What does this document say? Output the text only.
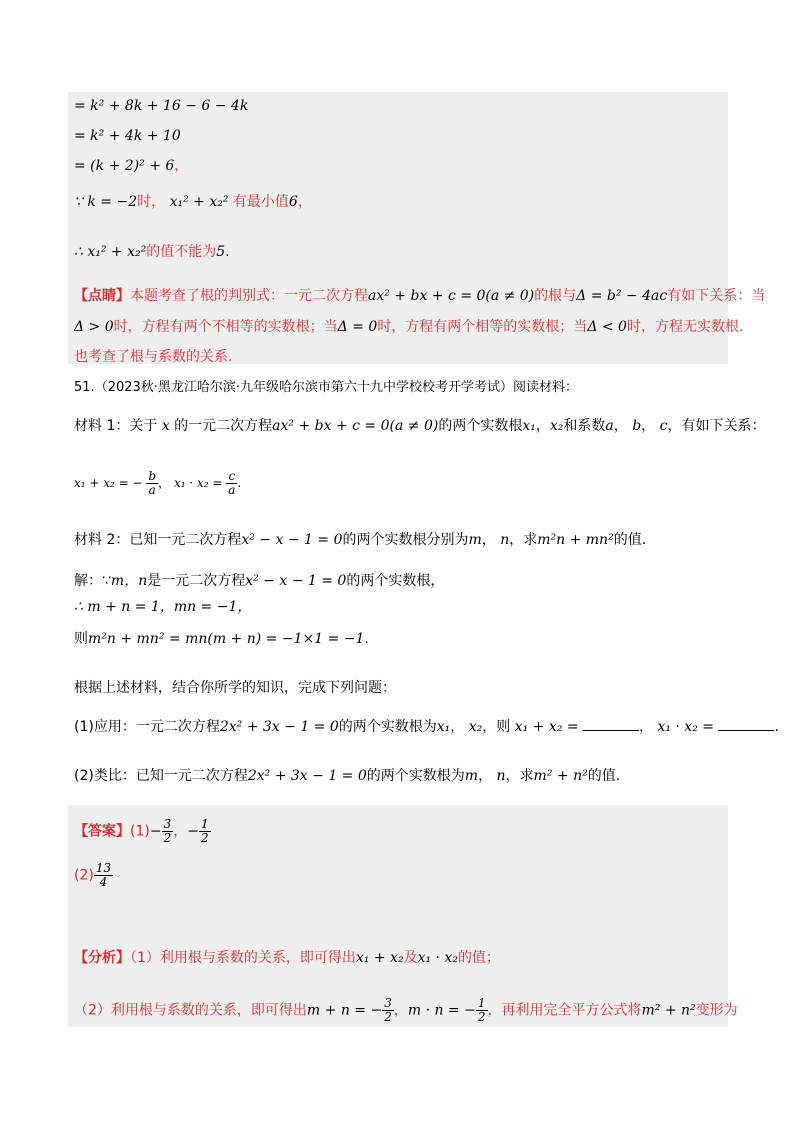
= k² + 8k + 16 − 6 − 4k
= k² + 4k + 10
= (k + 2)² + 6，
∵ k = −2时， x₁² + x₂² 有最小值6，
∴ x₁² + x₂²的值不能为5.
【点睛】本题考查了根的判别式：一元二次方程ax² + bx + c = 0(a ≠ 0)的根与Δ = b² − 4ac有如下关系：当
Δ > 0时，方程有两个不相等的实数根；当Δ = 0时，方程有两个相等的实数根；当Δ < 0时，方程无实数根.
也考查了根与系数的关系.
51.（2023秋·黑龙江哈尔滨·九年级哈尔滨市第六十九中学校校考开学考试）阅读材料：
材料 1：关于 x 的一元二次方程ax² + bx + c = 0(a ≠ 0)的两个实数根x₁，x₂和系数a， b， c，有如下关系：
x₁ + x₂ = − $\frac{b}{a}$ ， $x_1 \cdot x_2 = \frac{c}{a}$ .
材料 2：已知一元二次方程x² − x − 1 = 0的两个实数根分别为m， n，求m²n + mn²的值.
解：∵m，n是一元二次方程x² − x − 1 = 0的两个实数根，
∴ m + n = 1，mn = −1，
则m²n + mn² = mn(m + n) = −1×1 = −1.
根据上述材料，结合你所学的知识，完成下列问题：
(1)应用：一元二次方程2x² + 3x − 1 = 0的两个实数根为x₁， x₂，则 x₁ + x₂ =	， x₁ · x₂ =	.
(2)类比：已知一元二次方程2x² + 3x − 1 = 0的两个实数根为m， n，求m² + n²的值.
【答案】$(1)- \frac{3}{2}$ ，− $\frac{1}{2}$
$(2) \frac{13}{4}$
【分析】（1）利用根与系数的关系，即可得出x₁ + x₂及x₁ · x₂的值；
（2）利用根与系数的关系，即可得出m + n = − $\frac{3}{2}$ ，m · n = − $\frac{1}{2}$ ，再利用完全平方公式将m² + n²变形为
